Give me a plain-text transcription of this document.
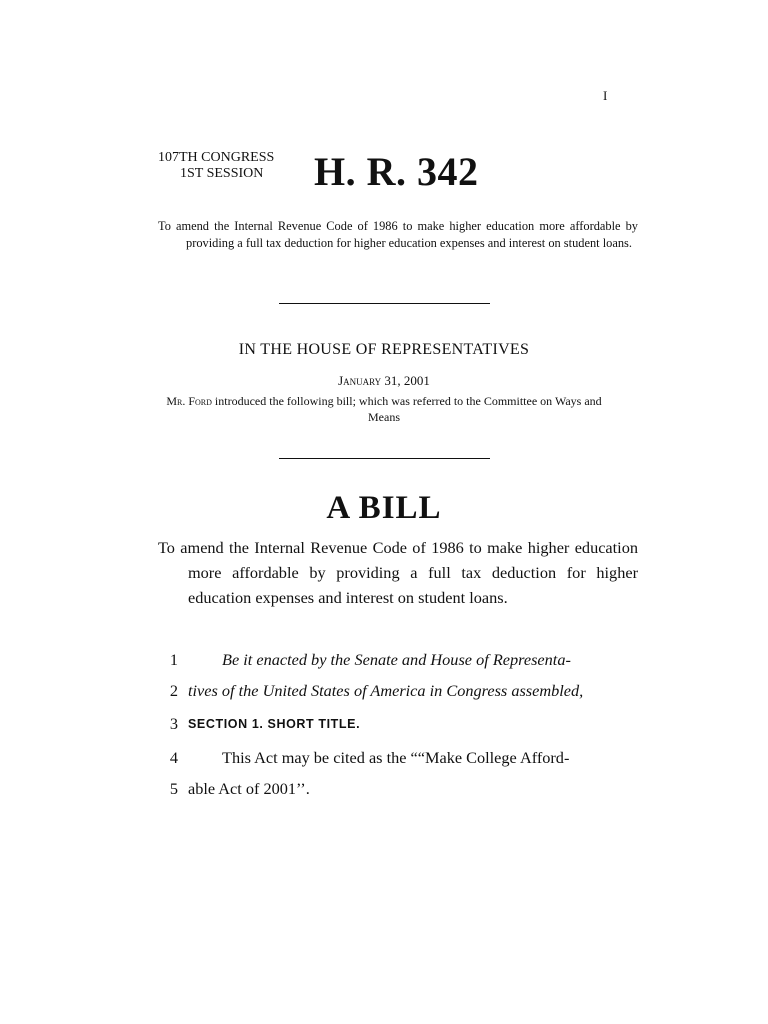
I
107TH CONGRESS
1ST SESSION H. R. 342
To amend the Internal Revenue Code of 1986 to make higher education more affordable by providing a full tax deduction for higher education expenses and interest on student loans.
IN THE HOUSE OF REPRESENTATIVES
January 31, 2001
Mr. Ford introduced the following bill; which was referred to the Committee on Ways and Means
A BILL
To amend the Internal Revenue Code of 1986 to make higher education more affordable by providing a full tax deduction for higher education expenses and interest on student loans.
1	Be it enacted by the Senate and House of Representa-
2 tives of the United States of America in Congress assembled,
3 SECTION 1. SHORT TITLE.
4	This Act may be cited as the ““Make College Afford-
5 able Act of 2001’’.
